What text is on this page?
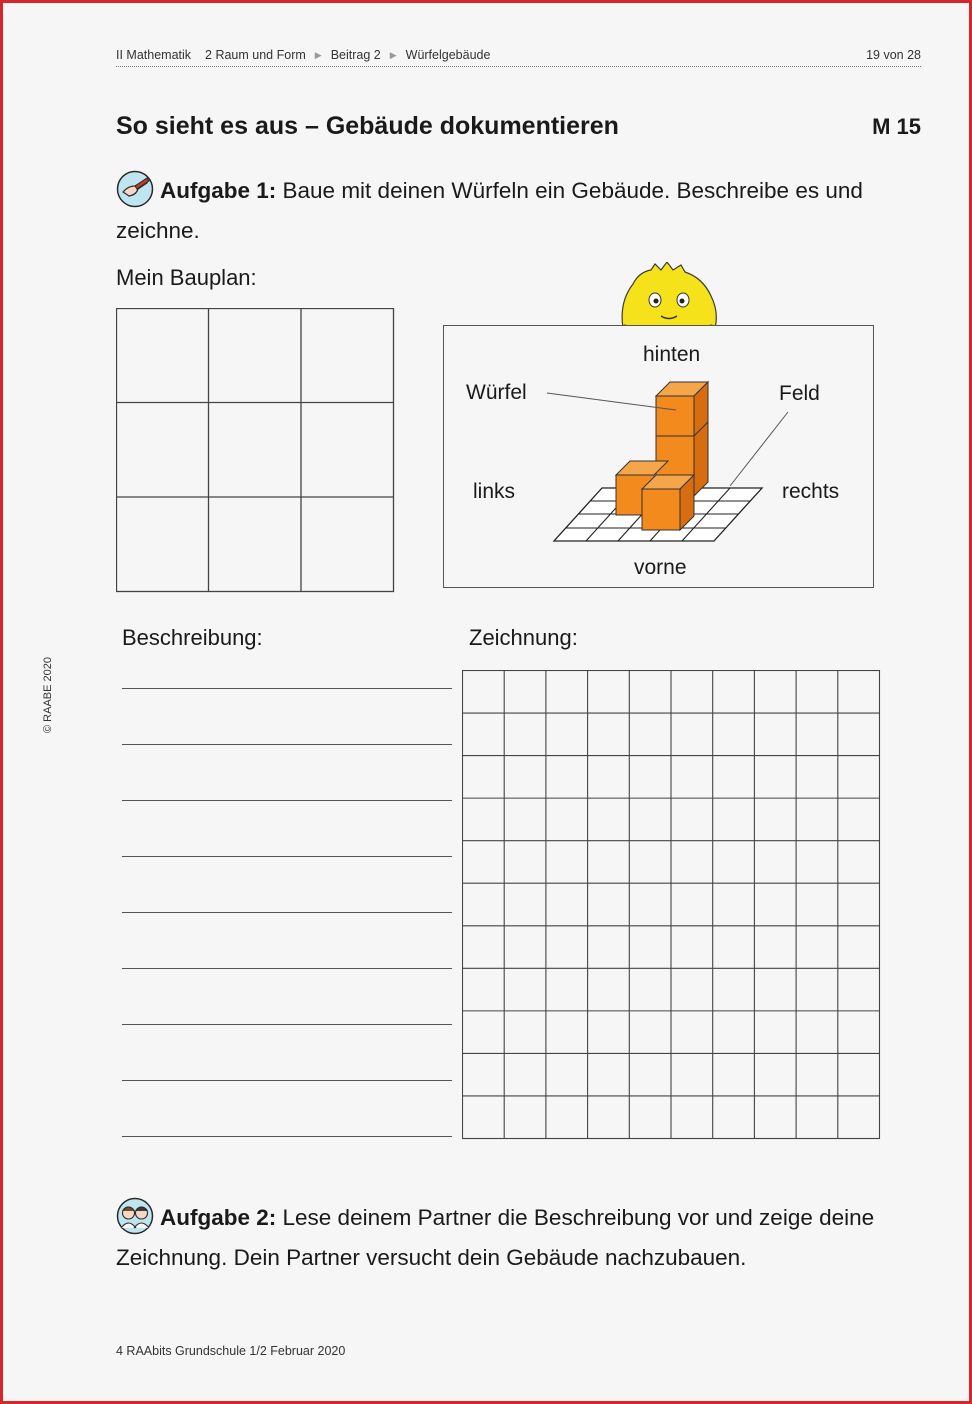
II Mathematik 2 Raum und Form ▶ Beitrag 2 ▶ Würfelgebäude	19 von 28
So sieht es aus – Gebäude dokumentieren	M 15
Aufgabe 1: Baue mit deinen Würfeln ein Gebäude. Beschreibe es und zeichne.
Mein Bauplan:
hinten
Würfel	Feld
links	rechts
vorne
Beschreibung:	Zeichnung:
Aufgabe 2: Lese deinem Partner die Beschreibung vor und zeige deine Zeichnung. Dein Partner versucht dein Gebäude nachzubauen.
4 RAAbits Grundschule 1/2 Februar 2020
© RAABE 2020
